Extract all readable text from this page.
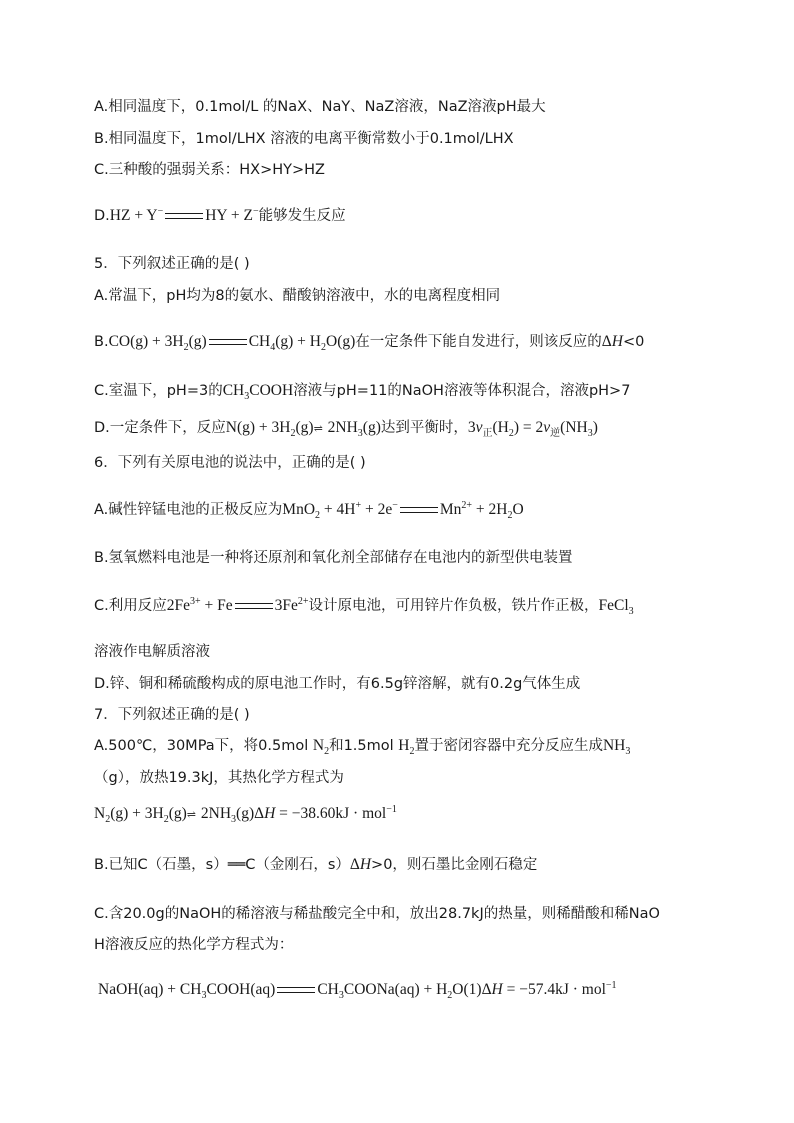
A.相同温度下，0.1mol/L 的NaX、NaY、NaZ溶液，NaZ溶液pH最大
B.相同温度下，1mol/LHX 溶液的电离平衡常数小于0.1mol/LHX
C.三种酸的强弱关系：HX>HY>HZ
D.HZ + Y−	HY + Z−能够发生反应
5．下列叙述正确的是( )
A.常温下，pH均为8的氨水、醋酸钠溶液中，水的电离程度相同
$B.CO(g) + 3H_2(g)$	$CH_4(g) + H_2O(g)$在一定条件下能自发进行，则该反应的ΔH<0
C.室温下，pH=3的$CH_3COOH$溶液与pH=11的NaOH溶液等体积混合，溶液pH>7
D.一定条件下，反应$N(g) + 3H_2(g)\rightleftharpoons$ $2NH_3(g)$达到平衡时，$3v_正(H_2) = 2v_逆(NH_3)$
6．下列有关原电池的说法中，正确的是( )
A.碱性锌锰电池的正极反应为MnO$_2$ + 4H+ + 2e−	$Mn^{2+} + 2H_2O$
B.氢氧燃料电池是一种将还原剂和氧化剂全部储存在电池内的新型供电装置
C.利用反应$2Fe^{3+} + Fe$	$3Fe^{2+}$设计原电池，可用锌片作负极，铁片作正极，FeCl$_3$
溶液作电解质溶液
D.锌、铜和稀硫酸构成的原电池工作时，有6.5g锌溶解，就有0.2g气体生成
7．下列叙述正确的是( )
A.500℃，30MPa下，将0.5mol $N_2$和1.5mol $H_2$置于密闭容器中充分反应生成$NH_3$
（g），放热19.3kJ，其热化学方程式为
$N_2(g)$ + $3H_2(g)\rightleftharpoons$ $2NH_3(g)\Delta H = -38.60kJ \cdot mol^{-1}$
B.已知C（石墨，s）══C（金刚石，s）ΔH>0，则石墨比金刚石稳定
C.含20.0g的NaOH的稀溶液与稀盐酸完全中和，放出28.7kJ的热量，则稀醋酸和稀NaO
H溶液反应的热化学方程式为：
NaOH(aq) + $CH_3COOH(aq)$	$CH_3COONa(aq) + H_2O(1)\Delta H = -57.4kJ \cdot mol^{-1}$
